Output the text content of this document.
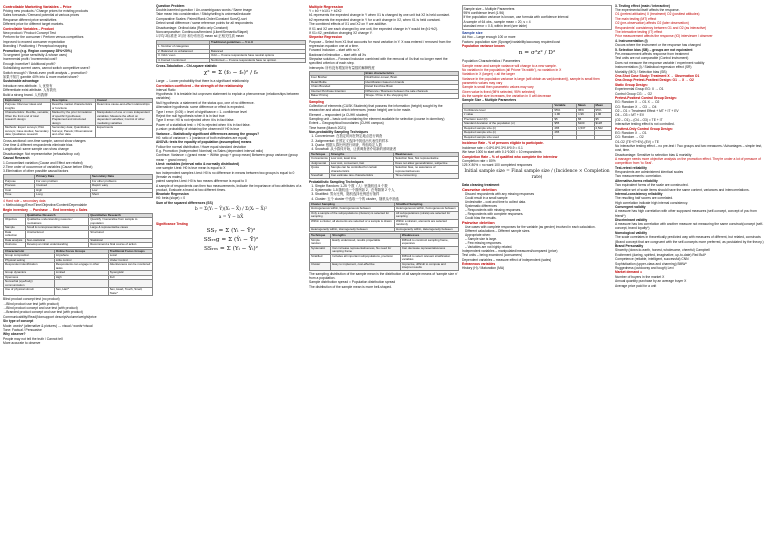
Controllable Marketing Variables – Price

Pricing new products / Change prices for existing products

Sales forecasts / Demand potential at various prices

Response different price sensitivities

Different price for different target markets.

Controllable Variables – Product

New product / Product Concept Test

Perform for the consumer / Perform versus competitors

Improved to exceed consumer expectation

Branding / Positioning / Perceptual mapping

Promotion (e.g. Region company 35%+20%)

To segment (price sensitivity & whose uses)

Incremental profit / Incremental cost?

Enough incentive? Additional profit?

Subsidizing current users, cannot switch competitive users?

Switch enough? / Break-even profit analysis – promotion?

如果不知打 gamble 40% into & more market share?

Sustainable advantage

Introduce new attribute. 入 优势有

Differentiate exist attribute. 人有我优

Build a strong brand. 人有我牌

Exploratory	Descriptive	Causal
Purpose: Discover ideas and insights	Describe market characteristics or functions	Determine cause-and-effect relationships
Characteristics: Flexible, versatile; Often the front end of total research design	Marked by the prior formulation of specific hypotheses; Preplanned and structured design	Manipulation of one or more independent variables; Measure the effect on dependent variables; Control of other mediating variables
Methods: Expert surveys; Pilot surveys; Case studies; Secondary data; Qualitative research	Secondary data; Quantitative; Surveys; Panels; Observational and other data	Experiments

Cross-sectional: one-time sample, cannot show changes

One time & different respondents eliminate bias

Longitudinal: same sample can show change

Disadvantage: Not representative (refusals/drop out)

Causal Research

1.Concomitant variation (Cause and Effect are related)

2.Time order of occurrence of variables (Cause before Effect)

3.Elimination of other possible causal factors

	Primary Data	Secondary Data
Purpose	For own problem	For other problems
Process	Involved	Rapid / easy
Cost	High	Low
Time	Long	Short

4 Hard rule – secondary data

= Methodology/Error/Time/Objective/Content/Dependable

Begin inventory → Purchase → End inventory = Sales

	Qualitative Research	Quantitative Research
Objective	Qualitative understanding reasons / motivations	Quantify / Generalise from sample to population
Sample	Small & nonrepresentative cases	Large & representative cases
Data collection	Unstructured	Structured
Data analysis	Non-statistical	Statistical
Outcome	Develop an initial understanding	Recommend a final course of action
Characteristic	Online Focus Groups	Traditional Focus Groups
Group composition	Anywhere	Local
Physical setting	Little control	Under Control
Respondent identification	Respondents can engage in other tasks	Attentiveness can be monitored
Group dynamics	Limited	Synergistic
Openness	High	Full
Nonverbal (eye/body) communication		
Use of physical stimuli	Sex, Hair*	Sex, Heart, Touch, Smell, Taste*

Blind product concept test (no product)

→Blind product use test (with product)

→Blind product concept and use test (with product)

→Branded product concept and use test (with product)

Communicability/Read(Nonsupport descript/volume/weight/price

Six type of concept

Mode: words* (alternative & pictures) ↔ visual / words+visual

Tone: Factual / Persuasive

Why observe?

People may not tell the truth / Cannot tell

More accurate to observe

Question Problem

Double-barreled question / Un-unambiguous words / Same image

Take mean into consideration / Sticky/selling is universal/educate

Comparative Scales: Paired/Rank Order/Constant Sum/Q-sort

Detect small difference / same reference points for all respondents

Disadvantage: Ordinal data (Ratio only Constant)

Noncomparative: Continuous/Itemized (Likert/Semantic/Stapel)

1平均 2标准差 3与好 和分布形态 mean sd 正相关性质 mean

	Traditional guidelines — 5 to 9
1. Number of categories	
2. Balanced vs unbalanced	Balanced
3. Odd / even	Odd — If some respondents have neutral options
4. Forced / nonforced	Nonforced — If some respondents have no opinion
Cross-Tabulation – Chi-square statistic
χ² = Σ (f₀ − fₑ)² / fₑ

Large → Lower probability that there is a significant relationship

Correlation coefficient – the strength of the relationship

Interval Ratio

Hypothesis: It is testable but unproven statement to explain a phenomenon (relationships between variables)

Null hypothesis: a statement of the status quo, one of no difference.

Alternative hypothesis: some difference or effect is expected.

Type I error: (0.05) = level of significance = 1- confidence level

Reject the null hypothesis when it is in fact true

Type II error: H0 is not rejected when it is in fact false.

Power of a statistical test: = H0 is rejected when it is in fact false.

p-value: probability of obtaining the observed if H0 is true

Variance – Statistically significant differences among the groups?

H0: ratio of variance < 1 (variance of both estimates are equal)

ANOVA: tests the equality of population (assumption) means

Follow the normal distribution / Have equal standard deviation

E.g. Promotion (Independent Nominal) vs Sales (dependent interval ratio)

Continue: Variance = (grand mean − Within group + group mean) Between group variance (group mean − grand mean)

t-test: variables (interval ratio & normally distributed)

one sample t-test: H0 is true mean is equal to X

two independent samples t-test: H0 is no difference in means between two groups is equal to 0 (female vs males)

paired samples t-test: H0 is two means difference is equal to 0

A sample of respondents can then two measurements, Indicate the importance of two attributes of a product, Evaluate a brand at two different times.

Bivariate Regression

H0: beta (slope) = 0

Sum of the squared differences (SS)

b = Σ(Yᵢ − Ȳ)(Xᵢ − X̄) / Σ(Xᵢ − X̄)²
a = Ȳ − bX̄
Significance Testing
SSᵧ = Σ (Yᵢ − Ȳ)²
SSᵣₑg = Σ (Ŷᵢ − Ȳ)²
SSᵣₑₛ = Σ (Yᵢ − Ŷᵢ)²
Multiple Regression

Y = b0 + b1X1 + b2X2

b1 represents the expected change in Y when X1 is changed by one unit but X2 is held constant.

b2 represents the expected change in Y for a unit change in X2, when X1 is held constant.

The combined effects of X1 and X2 on Y are additive.

If X1 and X2 are each changed by one unit, the expected change in Y would be (b1+b2).

If X1=X2, prediction changing X2 change Y.

Stepwise Regression

Purpose – Select from X1 that accounts for most variation in Y. X was entered / removed from the regression equation one at a time.

Forward Inclusion – start with no X

Backward elimination – start with all Xs

Stepwise solution – Forward inclusion combined with the removal of Xs that no longer meet the specified criterion of each step.

Intercepts: 所有没有增加所有量数的解释程度

	Brain characteristics
Four Brother	Distribution-Linear, Brain
Retail Bottle	Identification based on brands
Chain Branded	Retail franchise Brain
Internet Purchase Intention	Difference / Business between the sale channels
Baker Pricing	Shape / Price in the shopping list

Sampling

Collection of elements (CUSK Students) that possess the information (height) sought by the researcher and about which inferences (mean height) are to be made.

Element – respondent (a CUHK student)

Sampling unit – basic unit containing the element available for selection (course in dormitory)

Extent – Geographical boundaries (CUHK campus)

Time frame (March 2021)

Non-probability Sampling Techniques

1. Convenience: 在指定时间在特定地点进行调查
2. Judgemental: 在预定义选择中挑选出代表性的样本
3. Quota: 根据人群比例进行调查，每组给定人数
4. Snowball: 从小群体开始，让被调查者介绍新的被调查者
Technique	Strengths	Weaknesses
Convenience	Low cost, least time	Selection bias, Not representative
Judgmental	Low cost, convenient, fast	Does not allow generalization, subjective
Quota	Sample can be controlled for certain characteristics	Selection bias, no assurance of representativeness
Snowball	Can estimate rare characteristics	Time-consuming

Probabilistic Sampling Techniques

1. Simple Random: 1-25 个数（人）里随机选 5 个数
2. Systematic: 1-5 随机选一个数例如 2，在每隔第 2 个人
3. Stratified: 男女比例，随机选择比例进行抽样
4. Cluster: 五个 cluster 中选取一个的 cluster，随机从中抽选
Cluster Sampling	Stratified Sampling
Homogeneous within, heterogeneous between	Heterogeneous within, homogeneous between
Only a sample of the subpopulations (clusters) is selected for sampling	All subpopulations (strata) are selected for sampling
Within a cluster, all elements are selected or a sample is drawn	Within a stratum, elements are selected randomly
Heterogeneity within, Homogeneity between	Homogeneity within, Heterogeneity between
Technique	Strengths	Weaknesses
Simple random	Easily understood, results projectable	Difficult to construct sampling frame, expensive
Systematic	Can increase representativeness, No need for sampling frame	Can decrease representativeness
Stratified	Includes all important subpopulations, precision	Difficult to select relevant stratification variables
Cluster	Easy to implement, cost-effective	Imprecise, difficult to compute and interpret results

The sampling distribution of the sample mean is the distribution of all sample means of 'sample size n' from a population.

Sample distribution spread = Population distribution spread

The distribution of the sample mean is more bell-shaped.

Sample size – Multiple Parameters

95% confidence level (1.96)

If the population variance is known, use formula with confidence interval

A sample of 64 obs., sample mean = 20, s = 4

standard error = 0.5, within level (see table)

Sample size

Ad Hoc – Large enough 100 or more

Factors: population size (Sponge)/variability/accuracy required/cost

Population variance known
n = σ²z² / D²

Population Characteristics / Parameters

Sample mean and sample variance will change to a new sample.

No variation in the population (all Prione '0s width'), no variation in X

Variation in X (larger) = all the larger

Variance in the population variance is large (will obtain as var(dominant)), sample is small then parametric values may vary

Sample is small then parametric values may vary

Given value is fixed (98% selected, 95% selected)

As the sample size increases, the variation in X will decrease

Sample Size – Multiple Parameters
	Variable	Mean	Mean
Confidence level	95%	95%	95%
z value	1.96	1.96	1.96
Precision level (D)	$5	$5	$5
Standard deviation of the population (σ)	$55	$100	$128
Required sample size (n)	465	1,537	2,522
Required sample size (n)	465		
Required sample size used			

Incidence Rate - % of persons eligible to participate.

Incidence rate = 0.8*0.8*0.3*0.6*0.9 = 0.1

We have 1000 to start with 0.1*1000 = 10 respondents

Completion Rate – % of qualified who complete the interview

Completion rate = 80%

125 X 80% = no want 100 completed responses

Initial sample size = Final sample size / (Incidence × Completion rate)
Data cleaning treatment
Casewise deletion
Discard respondents with any missing responses
Could result in a small sample
Undesirable – cost and time to collect data.
Systematic differences
– Respondents with missing responses.
– Respondents with complete responses.
Could bias the results.
Pairwise deletion
Use cases with complete responses for the variable (as gender) involved in each calculation.
Different calculations – Different sample sizes.
Appropriate when:
– Sample size is large.
– Few missing responses.
– Variables are not highly related.

Independent variables – manipulated/measured/compared (price)

Test units – being examined (consumers)

Dependent variables – measure effect of independent (sales)

Extraneous variables

History (H) / Maturation (MA)

3. Testing effect (main / interactive)

The experimental itself affects the response.

O1 (pretest attitudes) X (treatment) O2 (posttest attitudes)

The main testing (MT) effect

O2 (pre-observation) affects O2 (later observation)

Respondents' consistency between O1 and O2 (as interactive)

The interactive testing (IT) effect

Prior measurement affects the response (IO) interviewer / observer

4. Instrumentation (I)

Occurs where the instrument or the response has changed

5. Selection bias (SB) – groups are not equivalent

Pre-measurement affects response from treatment

Test units are not comparable (Control instrument)

Does not measure the response variable / experiment validity

Instrumentation (I) / Statistical regression effect (SR)

Mortality (MO) / Selection bias (SB)

One-Shot Case Study: Treatment X → Observation O1

One-Group Pretest-Posttest Design: O1 → X → O2

Static Group Design:

Experimental Group EG: X → O1

Control Group CG: → O2

Pretest-Posttest Control Group Design:

EG: Random X → O1 X → O2

CG: Random X → O3 → O4

O2 – O1 = Treatment Effect + MT + IT + EV

O4 – O3 = MT + EV

(O2 – O1) – (O4 – O3) = TE + IT

Interactive testing effect is not controlled.

Posttest-Only Control Group Design:

EG: Random X → O1

CG: Random → O2

O1-O2 (TE+IT+EV)-(EV) = TE

No interactive testing effect – no pre-test / Two groups and two measures / Advantages – simple test, cost, time.

Disadvantage: Sensitive to selection bias & mortality

A manager needs more objective analysis on the promotion effect. They're under a lot of pressure of competition from 'to Seal'.

Test-retest reliability

Respondents are administered identical scales

Two measurements: correlation.

Alternative-forms reliability

Two equivalent forms of the scale are constructed.

Alternative set of scale items should have the same content, variances and intercorrelations.

Internal-consistency reliability

The resulting half scores are correlated.

High correlation indicate high internal consistency.

Convergent validity

A measure has high correlation with other supposed measures (self-concept, concept of you from friend*)

Discriminant validity

A measure has low correlation with another measure not measuring the same construct(concept (self-concept, brand loyalty*)

Nomological validity

The scale correlates in theoretically predicted way with measures of different, but related, constructs

(Brand concept that are congruent with the self-concepts more preferred, as postulated by the theory.)

Brand Personality

Sincerity (down-to-earth, honest, wholesome, cheerful) Campbell

Excitement (daring, spirited, imaginative, up-to-date) Red Bull*

Competence (reliable, intelligent, successful) CNN

Sophistication (upper-class and charming) BMW*

Ruggedness (outdoorsy and tough) Levi

Market demand =

Number of buyers in the market X

Annual quantity purchase by an average buyer X

Average price paid for a unit
